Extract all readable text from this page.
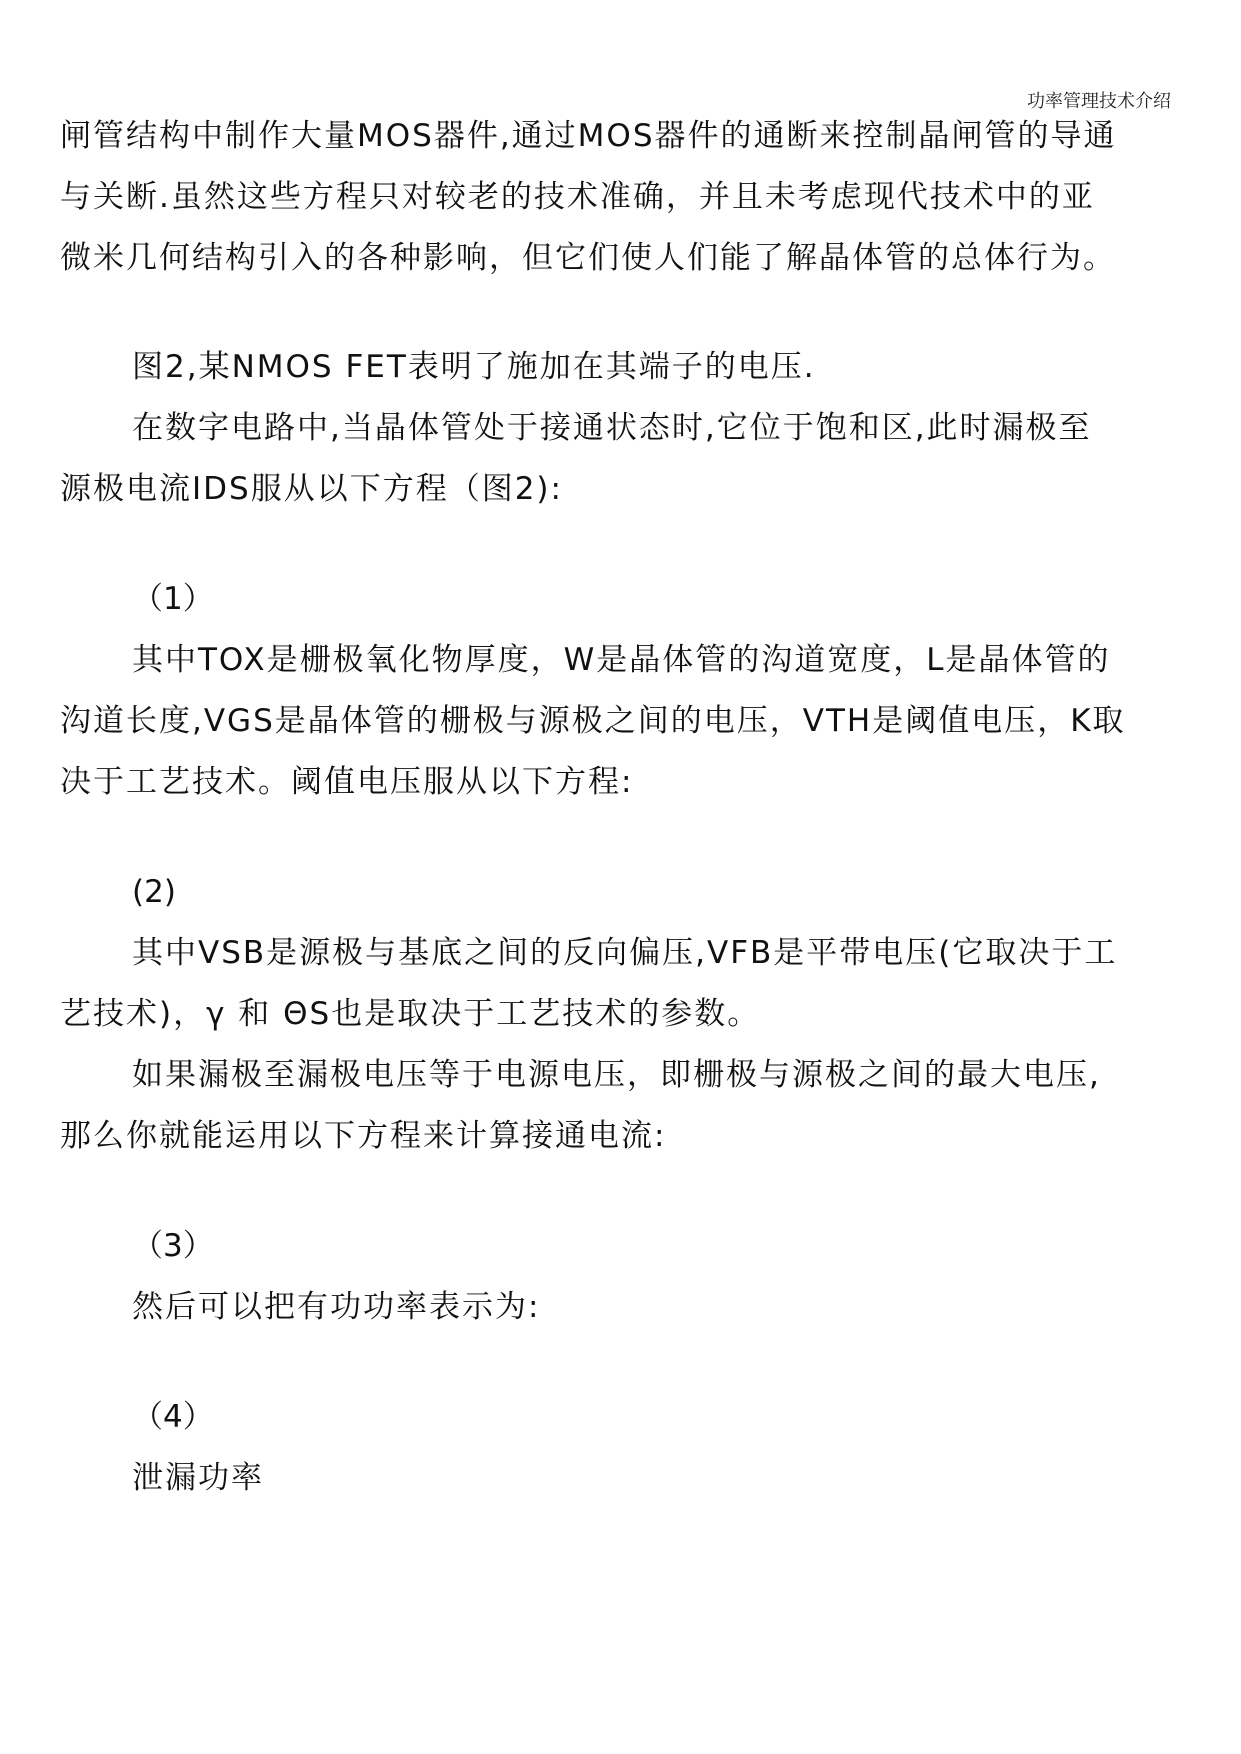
功率管理技术介绍
闸管结构中制作大量MOS器件,通过MOS器件的通断来控制晶闸管的导通
与关断.虽然这些方程只对较老的技术准确，并且未考虑现代技术中的亚
微米几何结构引入的各种影响，但它们使人们能了解晶体管的总体行为。
图2,某NMOS FET表明了施加在其端子的电压.
在数字电路中,当晶体管处于接通状态时,它位于饱和区,此时漏极至
源极电流IDS服从以下方程（图2):
（1）
其中TOX是栅极氧化物厚度，W是晶体管的沟道宽度，L是晶体管的
沟道长度,VGS是晶体管的栅极与源极之间的电压，VTH是阈值电压，K取
决于工艺技术。阈值电压服从以下方程:
(2)
其中VSB是源极与基底之间的反向偏压,VFB是平带电压(它取决于工
艺技术)，γ 和 ΘS也是取决于工艺技术的参数。
如果漏极至漏极电压等于电源电压，即栅极与源极之间的最大电压,
那么你就能运用以下方程来计算接通电流:
（3）
然后可以把有功功率表示为:
（4）
泄漏功率
